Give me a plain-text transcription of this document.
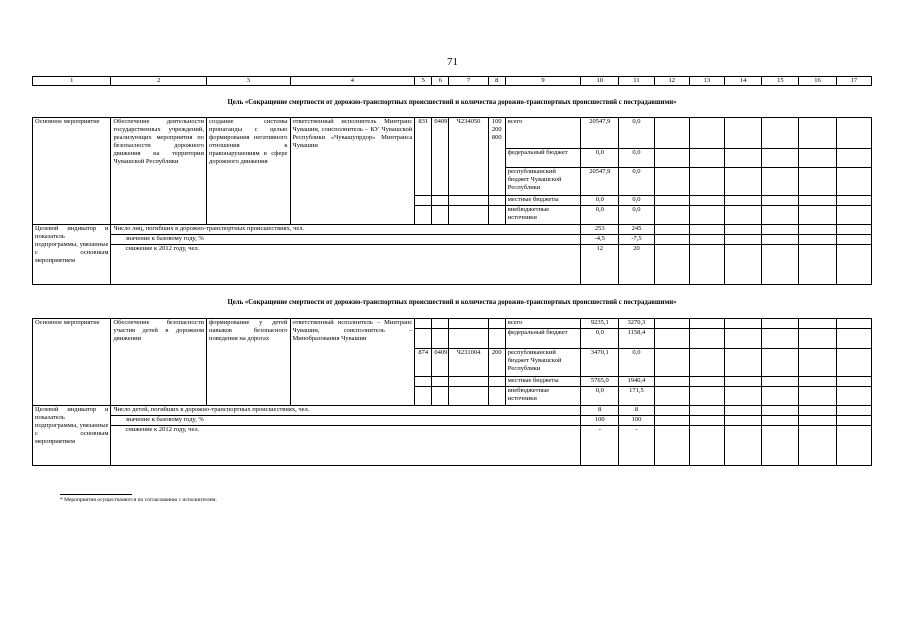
71
1	2	3	4	5	6	7	8	9	10	11	12	13	14	15	16	17
Цель «Сокращение смертности от дорожно-транспортных происшествий и количества дорожно-транспортных происшествий с пострадавшими»
Основное мероприятие	Обеспечение деятельности государственных учреждений, реализующих мероприятия по безопасности дорожного движения на территории Чувашской Республики	создание системы пропаганды с целью формирования негативного отношения к правонарушениям в сфере дорожного движения	ответственный исполнитель Минтранс Чувашии, соисполнитель – КУ Чувашской Республики «Чувашупрдор» Минтранса Чувашии	831	0409	Ч234050	100
200
800	всего	20547,9	0,0						
								федеральный бюджет	0,0	0,0						
								республиканский бюджет Чувашской Республики	20547,9	0,0						
								местные бюджеты	0,0	0,0						
								внебюджетные источники	0,0	0,0						
Целевой индикатор и показатель подпрограммы, увязанные с основным мероприятием	Число лиц, погибших в дорожно-транспортных происшествиях, чел.								253	245						
	значение к базовому году, %								-4,5	-7,5						
	снижение к 2012 году, чел.								12	20						
Цель «Сокращение смертности от дорожно-транспортных происшествий и количества дорожно-транспортных происшествий с пострадавшими»
Основное мероприятие	Обеспечение безопасности участия детей в дорожном движении	формирование у детей навыков безопасного поведения на дорогах	ответственный исполнитель – Минтранс Чувашии, соисполнитель – Минобразования Чувашии					всего	9235,1	3270,3						
								федеральный бюджет	0,0	1158,4						
				874	0409	Ч231004	200	республиканский бюджет Чувашской Республики	3470,1	0,0						
								местные бюджеты	5765,0	1940,4						
								внебюджетные источники	0,0	171,5						
Целевой индикатор и показатель подпрограммы, увязанные с основным мероприятием	Число детей, погибших в дорожно-транспортных происшествиях, чел.								8	8						
	значение к базовому году, %								100	100						
	снижение к 2012 году, чел.								-	-						
* Мероприятия осуществляются по согласованию с исполнителем.
